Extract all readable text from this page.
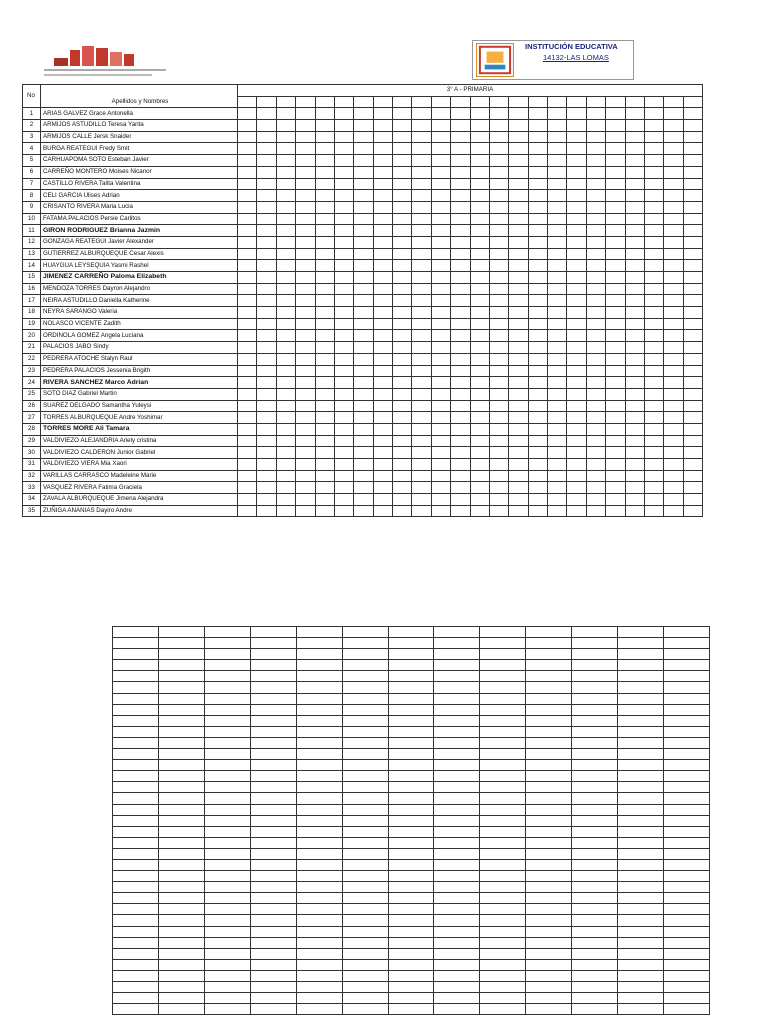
INSTITUCIÓN EDUCATIVA
14132-LAS LOMAS
No	Apellidos y Nombres	3° A - PRIMARIA																							

1	ARIAS GALVEZ Grace Antonella																								
2	ARMIJOS ASTUDILLO Teresa Yarita																								
3	ARMIJOS CALLE Jersk Snaider																								
4	BURGA REATEGUI Fredy Smit																								
5	CARHUAPOMA SOTO Esteban Javier																								
6	CARREÑO MONTERO Moises Nicanor																								
7	CASTILLO RIVERA Talita Valentina																								
8	CELI GARCIA Ulises Adrian																								
9	CRISANTO RIVERA Maria Lucia																								
10	FATAMA PALACIOS Persie Carlitos																								
11	GIRON RODRIGUEZ Brianna Jazmin																								
12	GONZAGA REATEGUI Javier Alexander																								
13	GUTIERREZ ALBURQUEQUE Cesar Alexis																								
14	HUAYGUA LEYSEQUIA Yasmi Rashel																								
15	JIMENEZ CARREÑO Paloma Elizabeth																								
16	MENDOZA TORRES Dayron Alejandro																								
17	NEIRA ASTUDILLO Daniella Katherine																								
18	NEYRA SARANGO Valeria																								
19	NOLASCO VICENTE Zadith																								
20	ORDINOLA GOMEZ Angela Luciana																								
21	PALACIOS JABO Sindy																								
22	PEDRERA ATOCHE Stalyn Raul																								
23	PEDRERA PALACIOS Jessenia Brigith																								
24	RIVERA SANCHEZ Marco Adrian																								
25	SOTO DIAZ Gabriel Martin																								
26	SUAREZ DELGADO Samantha Yuleysi																								
27	TORRES ALBURQUEQUE Andre Yoshimar																								
28	TORRES MORE Ali Tamara																								
29	VALDIVIEZO ALEJANDRIA Ariely cristina																								
30	VALDIVIEZO CALDERON Junior Gabriel																								
31	VALDIVIEZO VIERA Mia Xaori																								
32	VARILLAS CARRASCO Madeleine Marie																								
33	VASQUEZ RIVERA Fatima Graciela																								
34	ZAVALA ALBURQUEQUE Jimena Alejandra																								
35	ZUÑIGA ANANIAS Dayiro Andre																								
